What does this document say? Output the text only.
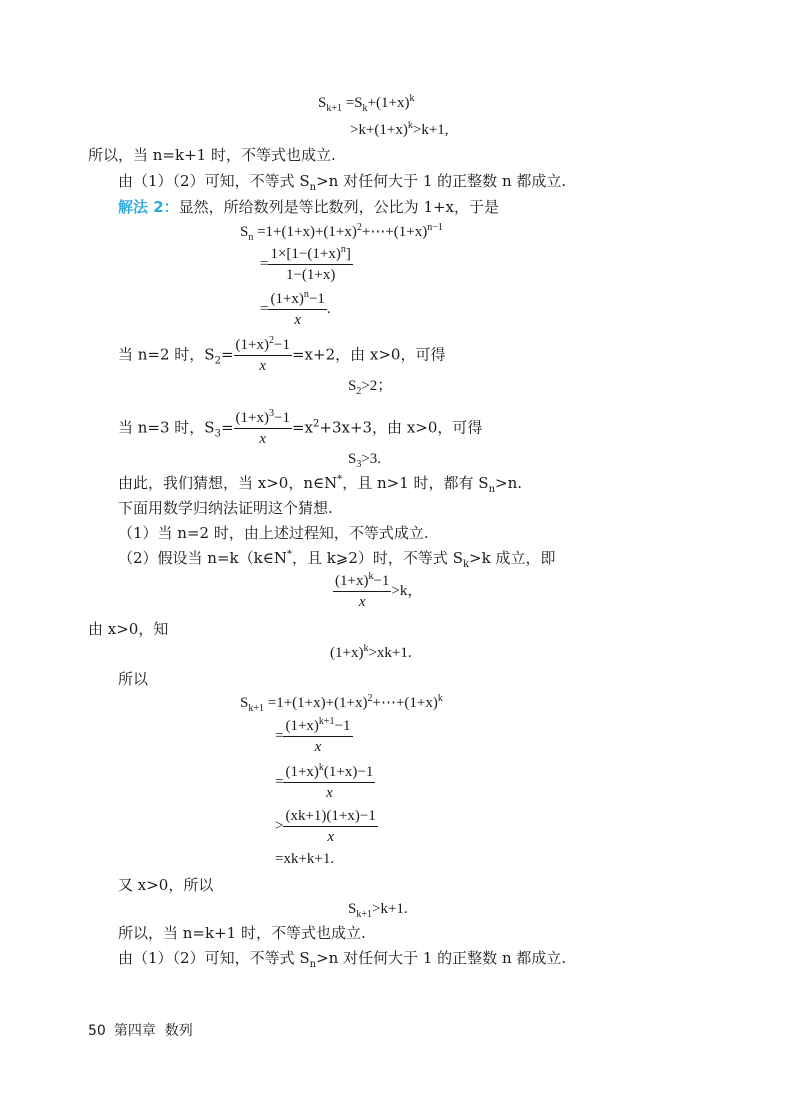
$S_{k+1} =S_k+(1+x)^k$
$>k+(1+x)^k>k+1$,
所以，当 n=k+1 时，不等式也成立.
由（1）（2）可知，不等式 $S_n>n$ 对任何大于 1 的正整数 n 都成立.
解法 2：显然，所给数列是等比数列，公比为 1+x，于是
$S_n$ $=1+(1+x)+(1+x)^2+\cdots+(1+x)^{n-1}$
= $\frac{1\times[1-(1+x)^n]}{1-(1+x)}$
= $\frac{(1+x)^n-1}{x}$ .
当 n=2 时，$S_2= \frac{(1+x)^2-1}{x} =x+2$，由 x>0，可得
$S_2>2$；
当 n=3 时，$S_3= \frac{(1+x)^3-1}{x} =x^2+3x+3$，由 x>0，可得
$S_3>3$.
由此，我们猜想，当 x>0，n∈N*，且 n>1 时，都有 $S_n>n$.
下面用数学归纳法证明这个猜想.
（1）当 n=2 时，由上述过程知，不等式成立.
（2）假设当 n=k（k∈N*，且 k⩾2）时，不等式 $S_k>k$ 成立，即
$\frac{(1+x)^k-1}{x} >k$，
由 x>0，知
$(1+x)^k>xk+1$.
所以
$S_{k+1}$ $=1+(1+x)+(1+x)^2+\cdots+(1+x)^k$
= $\frac{(1+x)^{k+1}-1}{x}$
= $\frac{(1+x)^k(1+x)-1}{x}$
> $\frac{(xk+1)(1+x)-1}{x}$
=xk+k+1.
又 x>0，所以
$S_{k+1}>k+1$.
所以，当 n=k+1 时，不等式也成立.
由（1）（2）可知，不等式 $S_n>n$ 对任何大于 1 的正整数 n 都成立.
50 第四章 数列
